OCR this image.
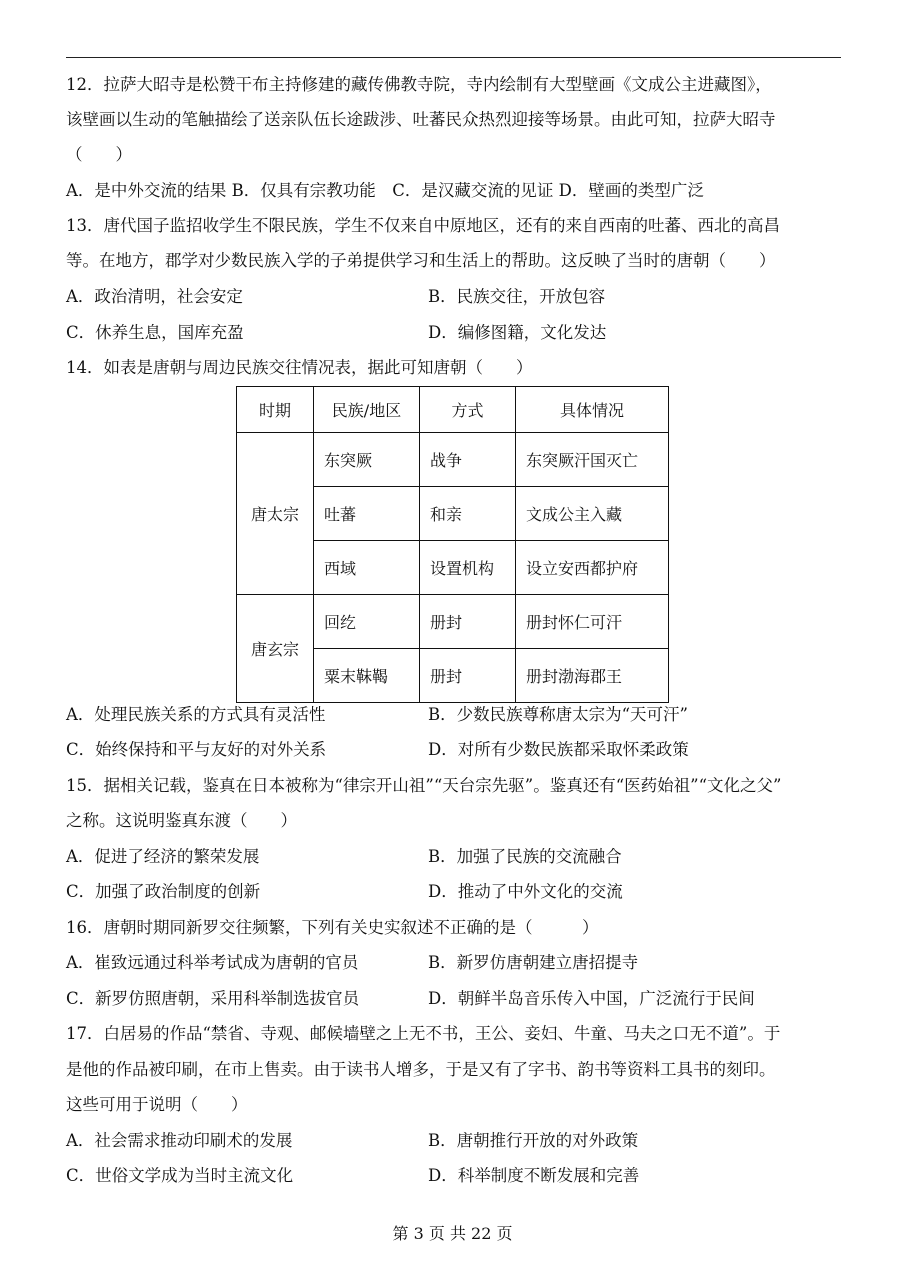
12．拉萨大昭寺是松赞干布主持修建的藏传佛教寺院，寺内绘制有大型壁画《文成公主进藏图》，
该壁画以生动的笔触描绘了送亲队伍长途跋涉、吐蕃民众热烈迎接等场景。由此可知，拉萨大昭寺
（　　）
A．是中外交流的结果 B．仅具有宗教功能　C．是汉藏交流的见证 D．壁画的类型广泛
13．唐代国子监招收学生不限民族，学生不仅来自中原地区，还有的来自西南的吐蕃、西北的高昌
等。在地方，郡学对少数民族入学的子弟提供学习和生活上的帮助。这反映了当时的唐朝（　　）
A．政治清明，社会安定	B．民族交往，开放包容
C．休养生息，国库充盈	D．编修图籍，文化发达
14．如表是唐朝与周边民族交往情况表，据此可知唐朝（　　）
时期	民族/地区	方式	具体情况
唐太宗	东突厥	战争	东突厥汗国灭亡
	吐蕃	和亲	文成公主入藏
	西域	设置机构	设立安西都护府
唐玄宗	回纥	册封	册封怀仁可汗
	粟末靺鞨	册封	册封渤海郡王
A．处理民族关系的方式具有灵活性	B．少数民族尊称唐太宗为“天可汗”
C．始终保持和平与友好的对外关系	D．对所有少数民族都采取怀柔政策
15．据相关记载，鉴真在日本被称为“律宗开山祖”“天台宗先驱”。鉴真还有“医药始祖”“文化之父”
之称。这说明鉴真东渡（　　）
A．促进了经济的繁荣发展	B．加强了民族的交流融合
C．加强了政治制度的创新	D．推动了中外文化的交流
16．唐朝时期同新罗交往频繁，下列有关史实叙述不正确的是（　　　）
A．崔致远通过科举考试成为唐朝的官员	B．新罗仿唐朝建立唐招提寺
C．新罗仿照唐朝，采用科举制选拔官员	D．朝鲜半岛音乐传入中国，广泛流行于民间
17．白居易的作品“禁省、寺观、邮候墙壁之上无不书，王公、妾妇、牛童、马夫之口无不道”。于
是他的作品被印刷，在市上售卖。由于读书人增多，于是又有了字书、韵书等资料工具书的刻印。
这些可用于说明（　　）
A．社会需求推动印刷术的发展	B．唐朝推行开放的对外政策
C．世俗文学成为当时主流文化	D．科举制度不断发展和完善
第 3 页 共 22 页
